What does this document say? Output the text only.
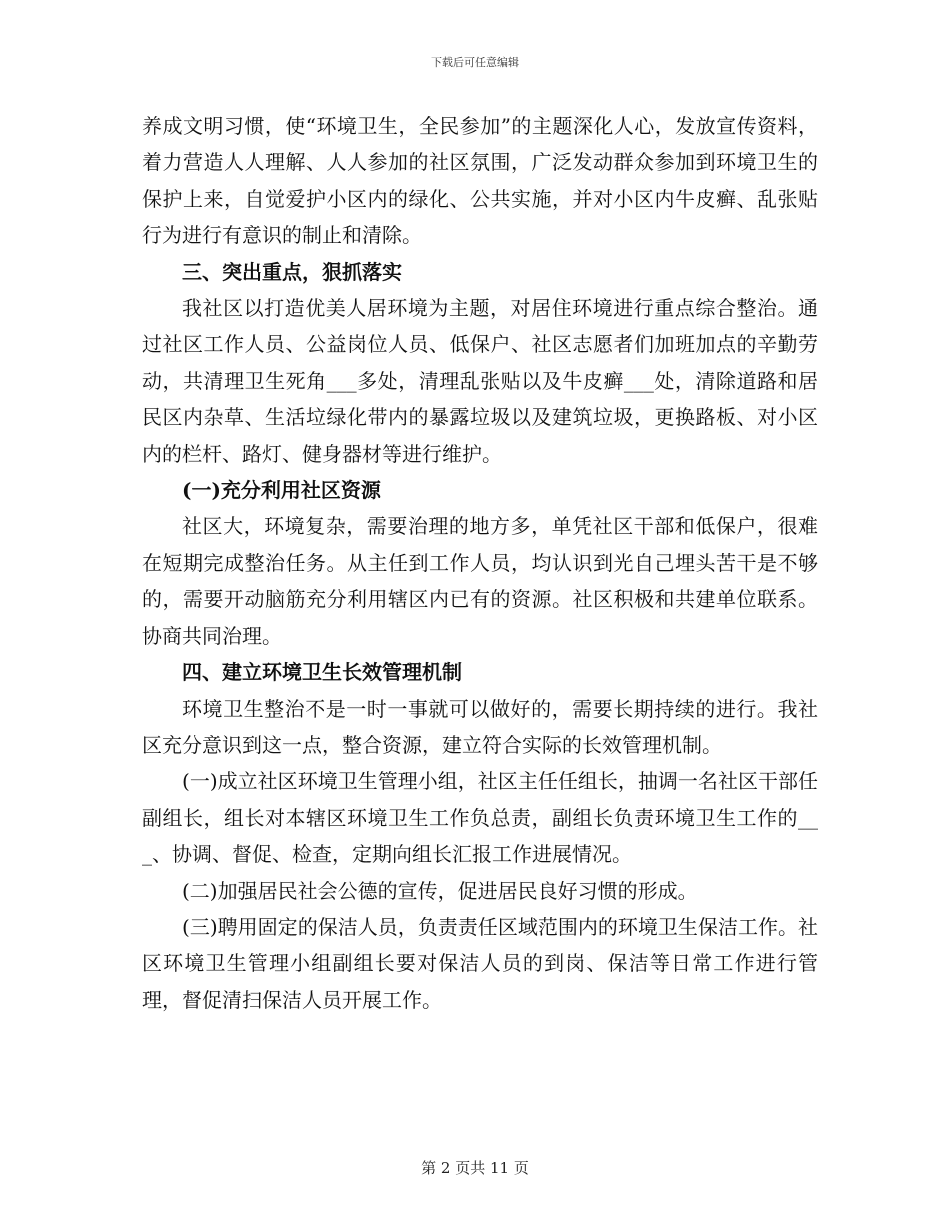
下载后可任意编辑

养成文明习惯，使“环境卫生，全民参加”的主题深化人心，发放宣传资料，着力营造人人理解、人人参加的社区氛围，广泛发动群众参加到环境卫生的保护上来，自觉爱护小区内的绿化、公共实施，并对小区内牛皮癣、乱张贴行为进行有意识的制止和清除。

三、突出重点，狠抓落实

我社区以打造优美人居环境为主题，对居住环境进行重点综合整治。通过社区工作人员、公益岗位人员、低保户、社区志愿者们加班加点的辛勤劳动，共清理卫生死角___多处，清理乱张贴以及牛皮癣___处，清除道路和居民区内杂草、生活垃绿化带内的暴露垃圾以及建筑垃圾，更换路板、对小区内的栏杆、路灯、健身器材等进行维护。

(一)充分利用社区资源

社区大，环境复杂，需要治理的地方多，单凭社区干部和低保户，很难在短期完成整治任务。从主任到工作人员，均认识到光自己埋头苦干是不够的，需要开动脑筋充分利用辖区内已有的资源。社区积极和共建单位联系。协商共同治理。

四、建立环境卫生长效管理机制

环境卫生整治不是一时一事就可以做好的，需要长期持续的进行。我社区充分意识到这一点，整合资源，建立符合实际的长效管理机制。

(一)成立社区环境卫生管理小组，社区主任任组长，抽调一名社区干部任副组长，组长对本辖区环境卫生工作负总责，副组长负责环境卫生工作的___、协调、督促、检查，定期向组长汇报工作进展情况。

(二)加强居民社会公德的宣传，促进居民良好习惯的形成。

(三)聘用固定的保洁人员，负责责任区域范围内的环境卫生保洁工作。社区环境卫生管理小组副组长要对保洁人员的到岗、保洁等日常工作进行管理，督促清扫保洁人员开展工作。

第 2 页共 11 页
